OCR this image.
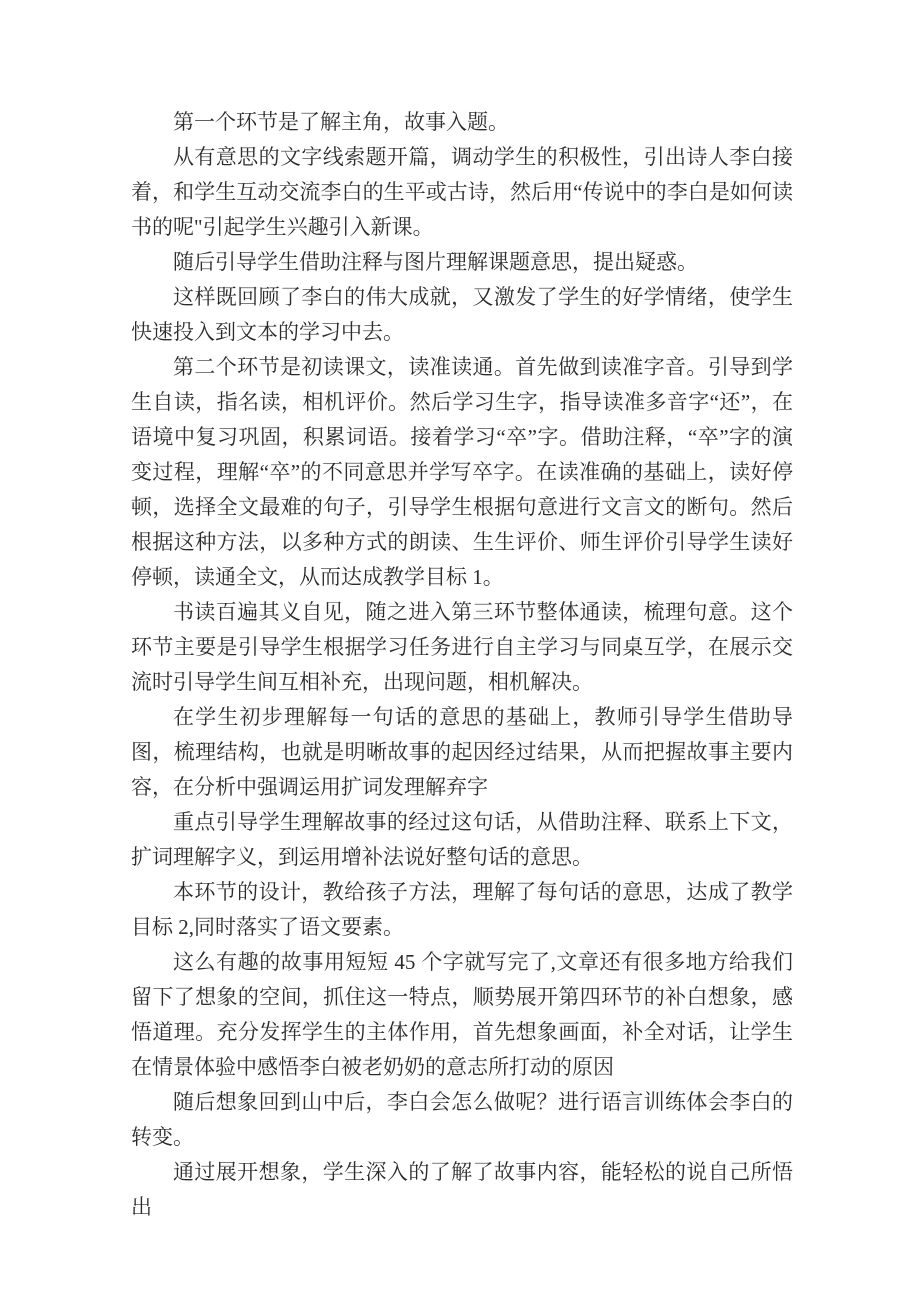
第一个环节是了解主角，故事入题。

从有意思的文字线索题开篇，调动学生的积极性，引出诗人李白接着，和学生互动交流李白的生平或古诗，然后用“传说中的李白是如何读书的呢"引起学生兴趣引入新课。

随后引导学生借助注释与图片理解课题意思，提出疑惑。

这样既回顾了李白的伟大成就，又激发了学生的好学情绪，使学生快速投入到文本的学习中去。

第二个环节是初读课文，读准读通。首先做到读准字音。引导到学生自读，指名读，相机评价。然后学习生字，指导读准多音字“还”，在语境中复习巩固，积累词语。接着学习“卒”字。借助注释，“卒”字的演变过程，理解“卒”的不同意思并学写卒字。在读准确的基础上，读好停顿，选择全文最难的句子，引导学生根据句意进行文言文的断句。然后根据这种方法，以多种方式的朗读、生生评价、师生评价引导学生读好停顿，读通全文，从而达成教学目标 1。

书读百遍其义自见，随之进入第三环节整体通读，梳理句意。这个环节主要是引导学生根据学习任务进行自主学习与同桌互学，在展示交流时引导学生间互相补充，出现问题，相机解决。

在学生初步理解每一句话的意思的基础上，教师引导学生借助导图，梳理结构，也就是明晰故事的起因经过结果，从而把握故事主要内容，在分析中强调运用扩词发理解弃字

重点引导学生理解故事的经过这句话，从借助注释、联系上下文，扩词理解字义，到运用增补法说好整句话的意思。

本环节的设计，教给孩子方法，理解了每句话的意思，达成了教学目标 2,同时落实了语文要素。

这么有趣的故事用短短 45 个字就写完了,文章还有很多地方给我们留下了想象的空间，抓住这一特点，顺势展开第四环节的补白想象，感悟道理。充分发挥学生的主体作用，首先想象画面，补全对话，让学生在情景体验中感悟李白被老奶奶的意志所打动的原因

随后想象回到山中后，李白会怎么做呢？进行语言训练体会李白的转变。

通过展开想象，学生深入的了解了故事内容，能轻松的说自己所悟出
